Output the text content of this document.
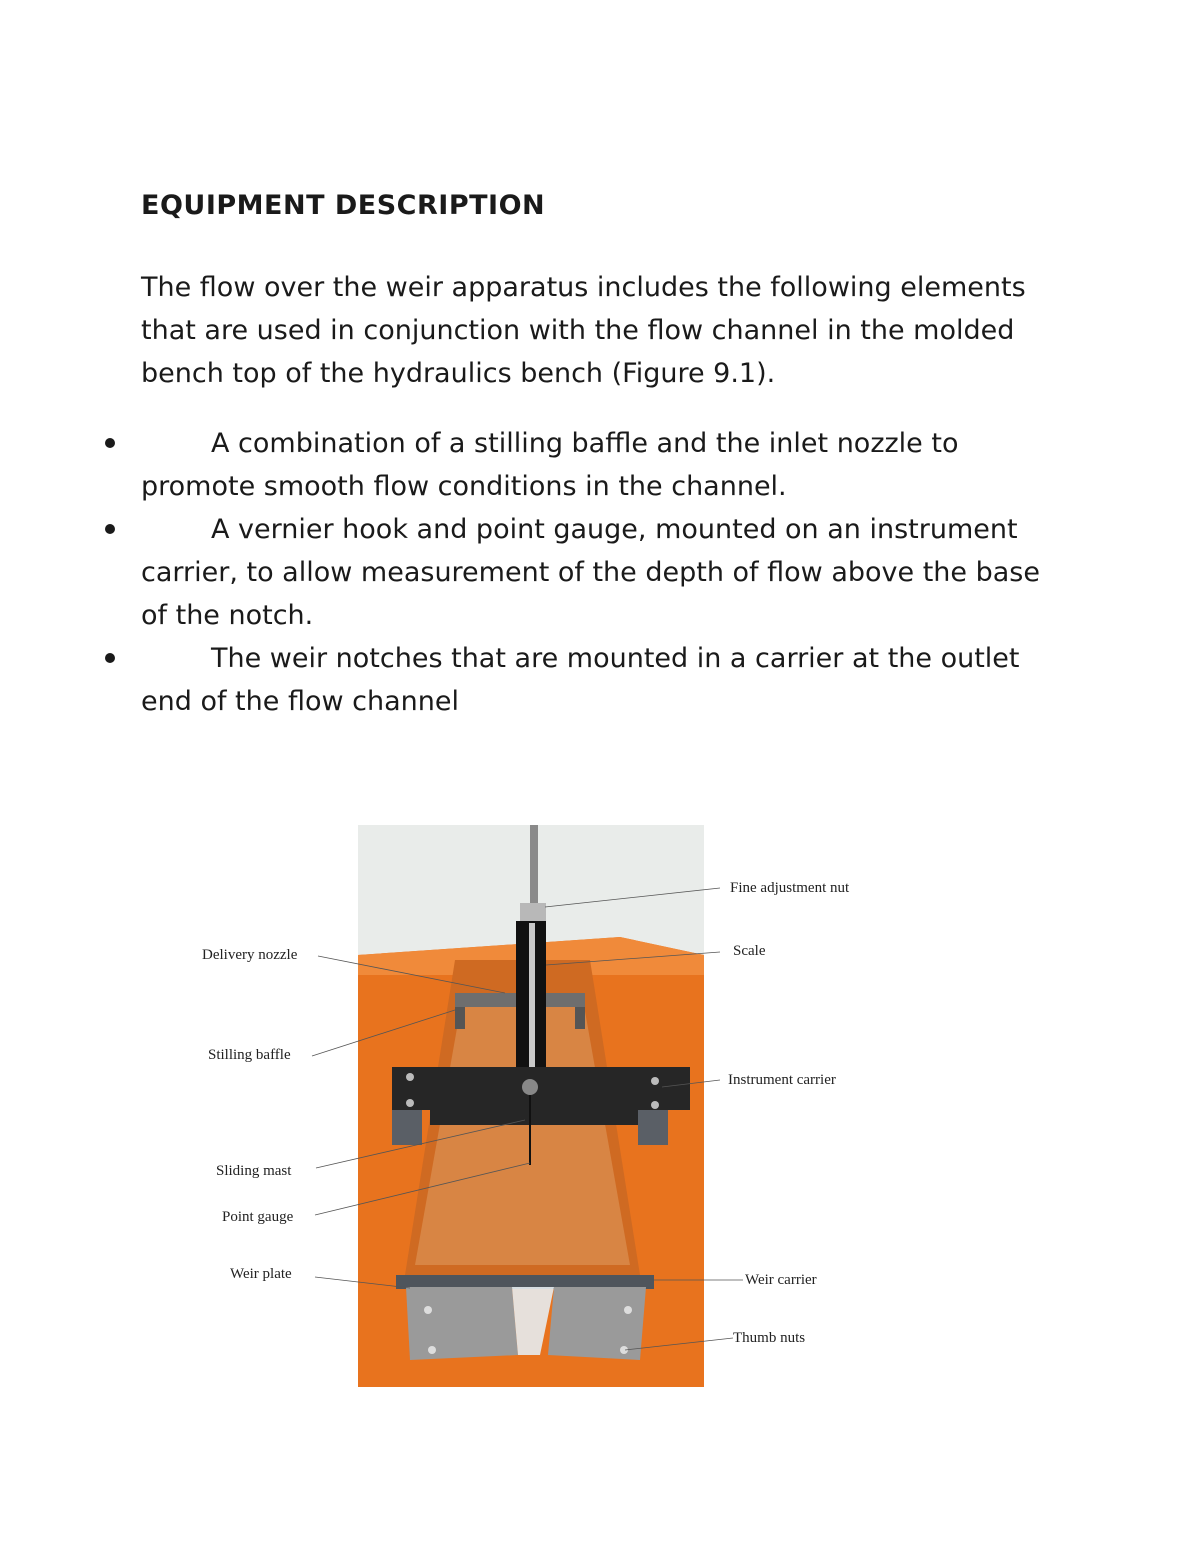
EQUIPMENT DESCRIPTION

The flow over the weir apparatus includes the following elements that are used in conjunction with the flow channel in the molded bench top of the hydraulics bench (Figure 9.1).

A combination of a stilling baffle and the inlet nozzle to promote smooth flow conditions in the channel.
A vernier hook and point gauge, mounted on an instrument carrier, to allow measurement of the depth of flow above the base of the notch.
The weir notches that are mounted in a carrier at the outlet end of the flow channel
Delivery nozzle
Stilling baffle
Sliding mast
Point gauge
Weir plate
Fine adjustment nut
Scale
Instrument carrier
Weir carrier
Thumb nuts
